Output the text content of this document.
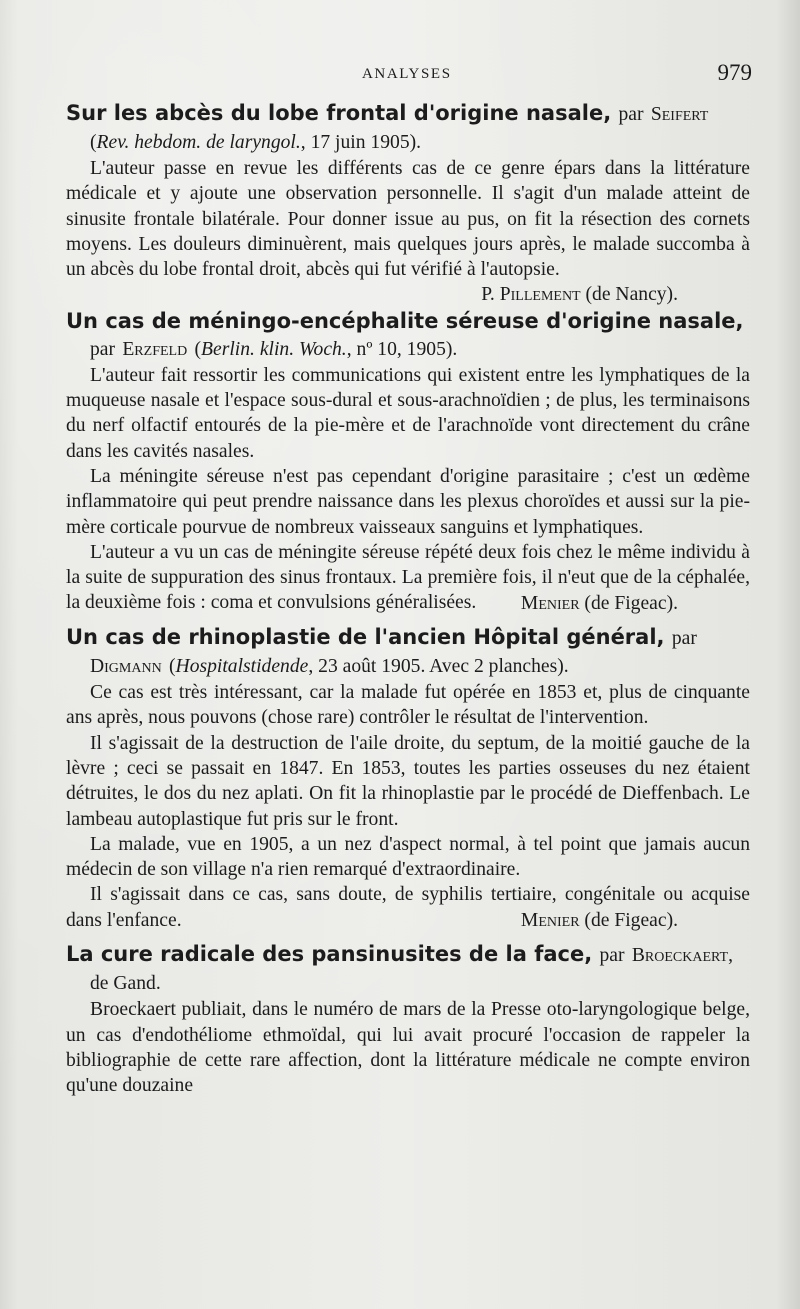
ANALYSES	979
Sur les abcès du lobe frontal d'origine nasale, par Seifert
(Rev. hebdom. de laryngol., 17 juin 1905).

L'auteur passe en revue les différents cas de ce genre épars dans la littérature médicale et y ajoute une observation personnelle. Il s'agit d'un malade atteint de sinusite frontale bilatérale. Pour donner issue au pus, on fit la résection des cornets moyens. Les douleurs diminuèrent, mais quelques jours après, le malade succomba à un abcès du lobe frontal droit, abcès qui fut vérifié à l'autopsie.

P. Pillement (de Nancy).
Un cas de méningo-encéphalite séreuse d'origine nasale, par Erzfeld (Berlin. klin. Woch., nº 10, 1905).

L'auteur fait ressortir les communications qui existent entre les lymphatiques de la muqueuse nasale et l'espace sous-dural et sous-arachnoïdien ; de plus, les terminaisons du nerf olfactif entourés de la pie-mère et de l'arachnoïde vont directement du crâne dans les cavités nasales.

La méningite séreuse n'est pas cependant d'origine parasitaire ; c'est un œdème inflammatoire qui peut prendre naissance dans les plexus choroïdes et aussi sur la pie-mère corticale pourvue de nombreux vaisseaux sanguins et lymphatiques.

L'auteur a vu un cas de méningite séreuse répété deux fois chez le même individu à la suite de suppuration des sinus frontaux. La première fois, il n'eut que de la céphalée, la deuxième fois : coma et convulsions généralisées.	Menier (de Figeac).
Un cas de rhinoplastie de l'ancien Hôpital général, par Digmann (Hospitalstidende, 23 août 1905. Avec 2 planches).

Ce cas est très intéressant, car la malade fut opérée en 1853 et, plus de cinquante ans après, nous pouvons (chose rare) contrôler le résultat de l'intervention.

Il s'agissait de la destruction de l'aile droite, du septum, de la moitié gauche de la lèvre ; ceci se passait en 1847. En 1853, toutes les parties osseuses du nez étaient détruites, le dos du nez aplati. On fit la rhinoplastie par le procédé de Dieffenbach. Le lambeau autoplastique fut pris sur le front.

La malade, vue en 1905, a un nez d'aspect normal, à tel point que jamais aucun médecin de son village n'a rien remarqué d'extraordinaire.

Il s'agissait dans ce cas, sans doute, de syphilis tertiaire, congénitale ou acquise dans l'enfance.	Menier (de Figeac).
La cure radicale des pansinusites de la face, par Broeckaert, de Gand.

Broeckaert publiait, dans le numéro de mars de la Presse oto-laryngologique belge, un cas d'endothéliome ethmoïdal, qui lui avait procuré l'occasion de rappeler la bibliographie de cette rare affection, dont la littérature médicale ne compte environ qu'une douzaine
